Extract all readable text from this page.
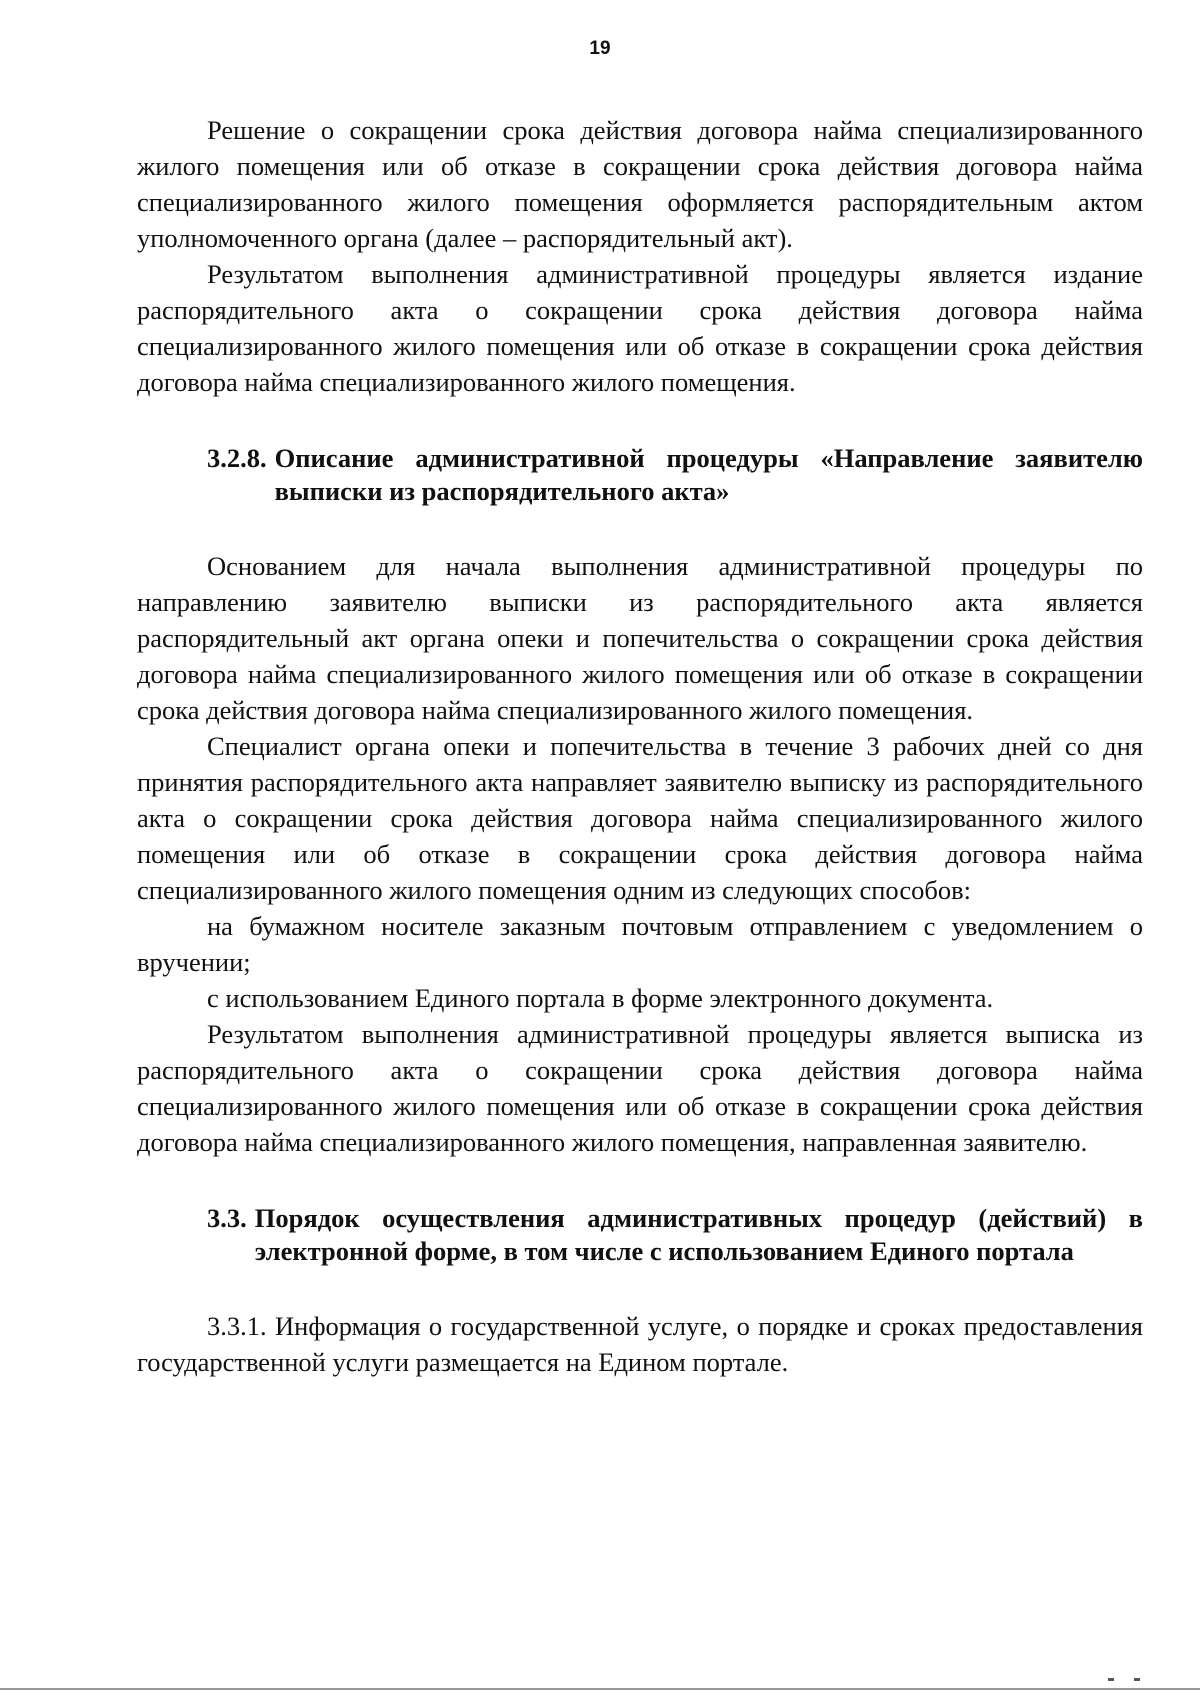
19

Решение о сокращении срока действия договора найма специализированного жилого помещения или об отказе в сокращении срока действия договора найма специализированного жилого помещения оформляется распорядительным актом уполномоченного органа (далее – распорядительный акт).

Результатом выполнения административной процедуры является издание распорядительного акта о сокращении срока действия договора найма специализированного жилого помещения или об отказе в сокращении срока действия договора найма специализированного жилого помещения.

3.2.8. Описание административной процедуры «Направление заявителю выписки из распорядительного акта»

Основанием для начала выполнения административной процедуры по направлению заявителю выписки из распорядительного акта является распорядительный акт органа опеки и попечительства о сокращении срока действия договора найма специализированного жилого помещения или об отказе в сокращении срока действия договора найма специализированного жилого помещения.

Специалист органа опеки и попечительства в течение 3 рабочих дней со дня принятия распорядительного акта направляет заявителю выписку из распорядительного акта о сокращении срока действия договора найма специализированного жилого помещения или об отказе в сокращении срока действия договора найма специализированного жилого помещения одним из следующих способов:

на бумажном носителе заказным почтовым отправлением с уведомлением о вручении;

с использованием Единого портала в форме электронного документа.

Результатом выполнения административной процедуры является выписка из распорядительного акта о сокращении срока действия договора найма специализированного жилого помещения или об отказе в сокращении срока действия договора найма специализированного жилого помещения, направленная заявителю.

3.3. Порядок осуществления административных процедур (действий) в электронной форме, в том числе с использованием Единого портала

3.3.1. Информация о государственной услуге, о порядке и сроках предоставления государственной услуги размещается на Едином портале.
